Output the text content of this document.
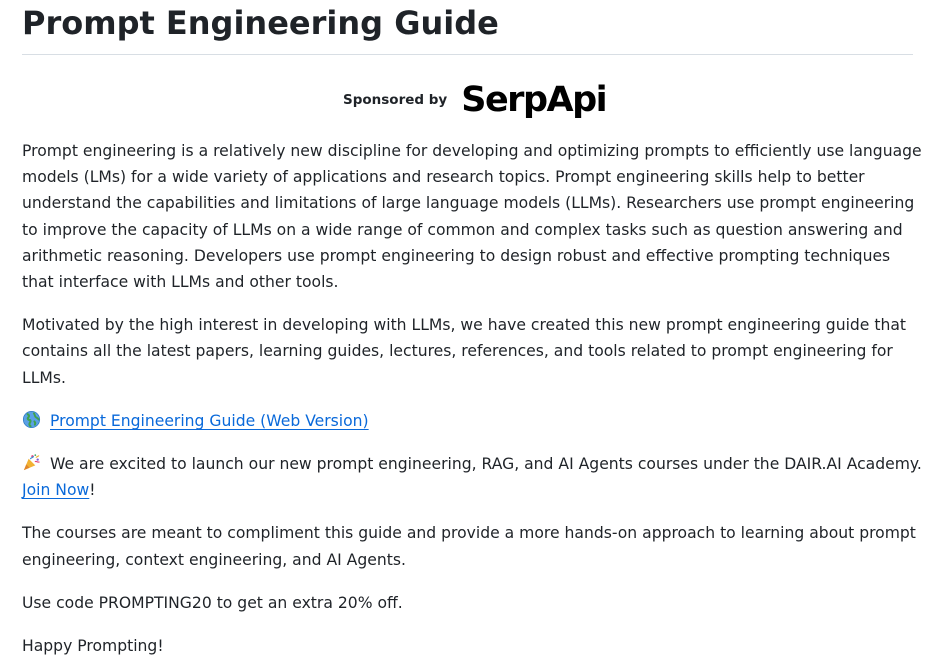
Prompt Engineering Guide
Sponsored by SerpApi

Prompt engineering is a relatively new discipline for developing and optimizing prompts to efficiently use language models (LMs) for a wide variety of applications and research topics. Prompt engineering skills help to better understand the capabilities and limitations of large language models (LLMs). Researchers use prompt engineering to improve the capacity of LLMs on a wide range of common and complex tasks such as question answering and arithmetic reasoning. Developers use prompt engineering to design robust and effective prompting techniques that interface with LLMs and other tools.

Motivated by the high interest in developing with LLMs, we have created this new prompt engineering guide that contains all the latest papers, learning guides, lectures, references, and tools related to prompt engineering for LLMs.

Prompt Engineering Guide (Web Version)

We are excited to launch our new prompt engineering, RAG, and AI Agents courses under the DAIR.AI Academy. Join Now!

The courses are meant to compliment this guide and provide a more hands-on approach to learning about prompt engineering, context engineering, and AI Agents.

Use code PROMPTING20 to get an extra 20% off.

Happy Prompting!
